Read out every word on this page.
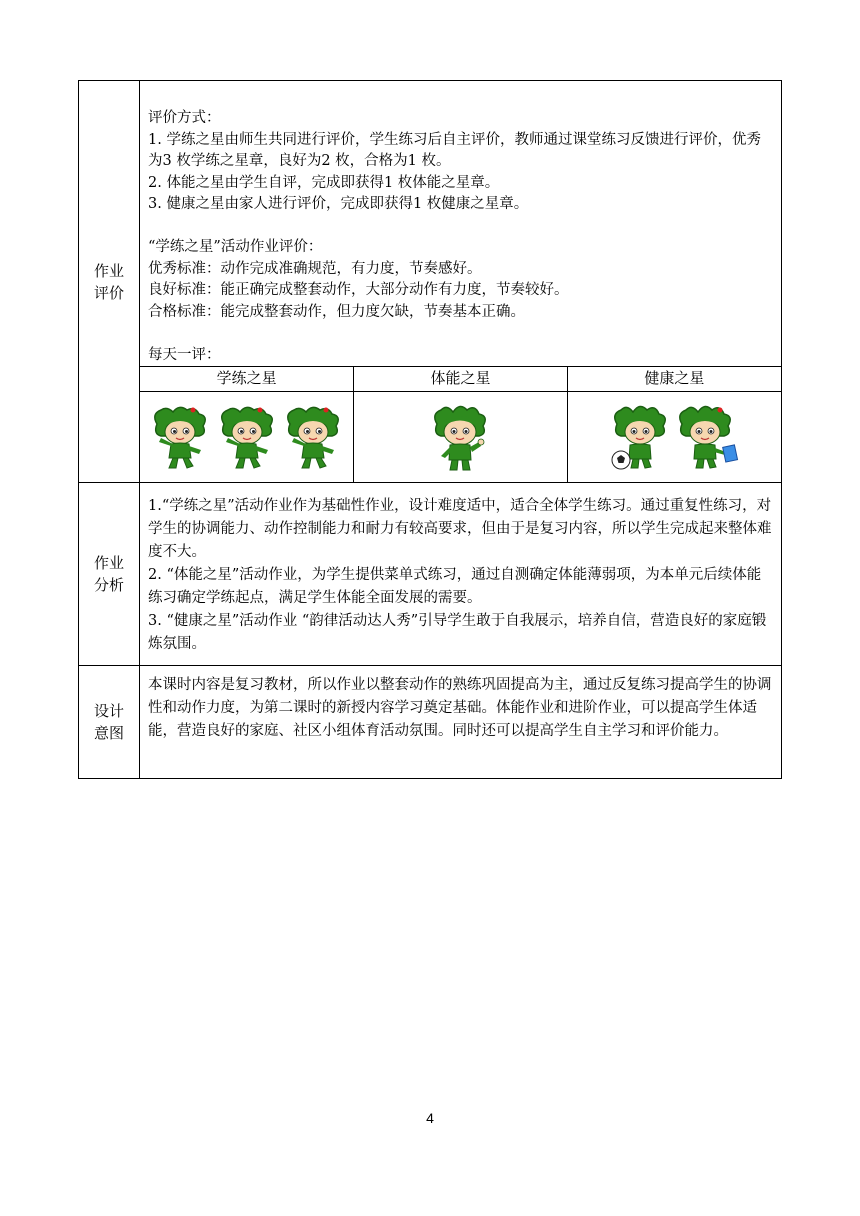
作业
评价

评价方式：
1. 学练之星由师生共同进行评价，学生练习后自主评价，教师通过课堂练习反馈进行评价，优秀为3 枚学练之星章，良好为2 枚，合格为1 枚。
2. 体能之星由学生自评，完成即获得1 枚体能之星章。
3. 健康之星由家人进行评价，完成即获得1 枚健康之星章。
“学练之星”活动作业评价：
优秀标准：动作完成准确规范，有力度，节奏感好。
良好标准：能正确完成整套动作，大部分动作有力度，节奏较好。
合格标准：能完成整套动作，但力度欠缺，节奏基本正确。
每天一评：
学练之星	体能之星	健康之星

作业
分析

1.“学练之星”活动作业作为基础性作业，设计难度适中，适合全体学生练习。通过重复性练习，对学生的协调能力、动作控制能力和耐力有较高要求，但由于是复习内容，所以学生完成起来整体难度不大。
2. “体能之星”活动作业，为学生提供菜单式练习，通过自测确定体能薄弱项，为本单元后续体能练习确定学练起点，满足学生体能全面发展的需要。
3. “健康之星”活动作业 “韵律活动达人秀”引导学生敢于自我展示，培养自信，营造良好的家庭锻炼氛围。

设计
意图

本课时内容是复习教材，所以作业以整套动作的熟练巩固提高为主，通过反复练习提高学生的协调性和动作力度，为第二课时的新授内容学习奠定基础。体能作业和进阶作业，可以提高学生体适能，营造良好的家庭、社区小组体育活动氛围。同时还可以提高学生自主学习和评价能力。
4
